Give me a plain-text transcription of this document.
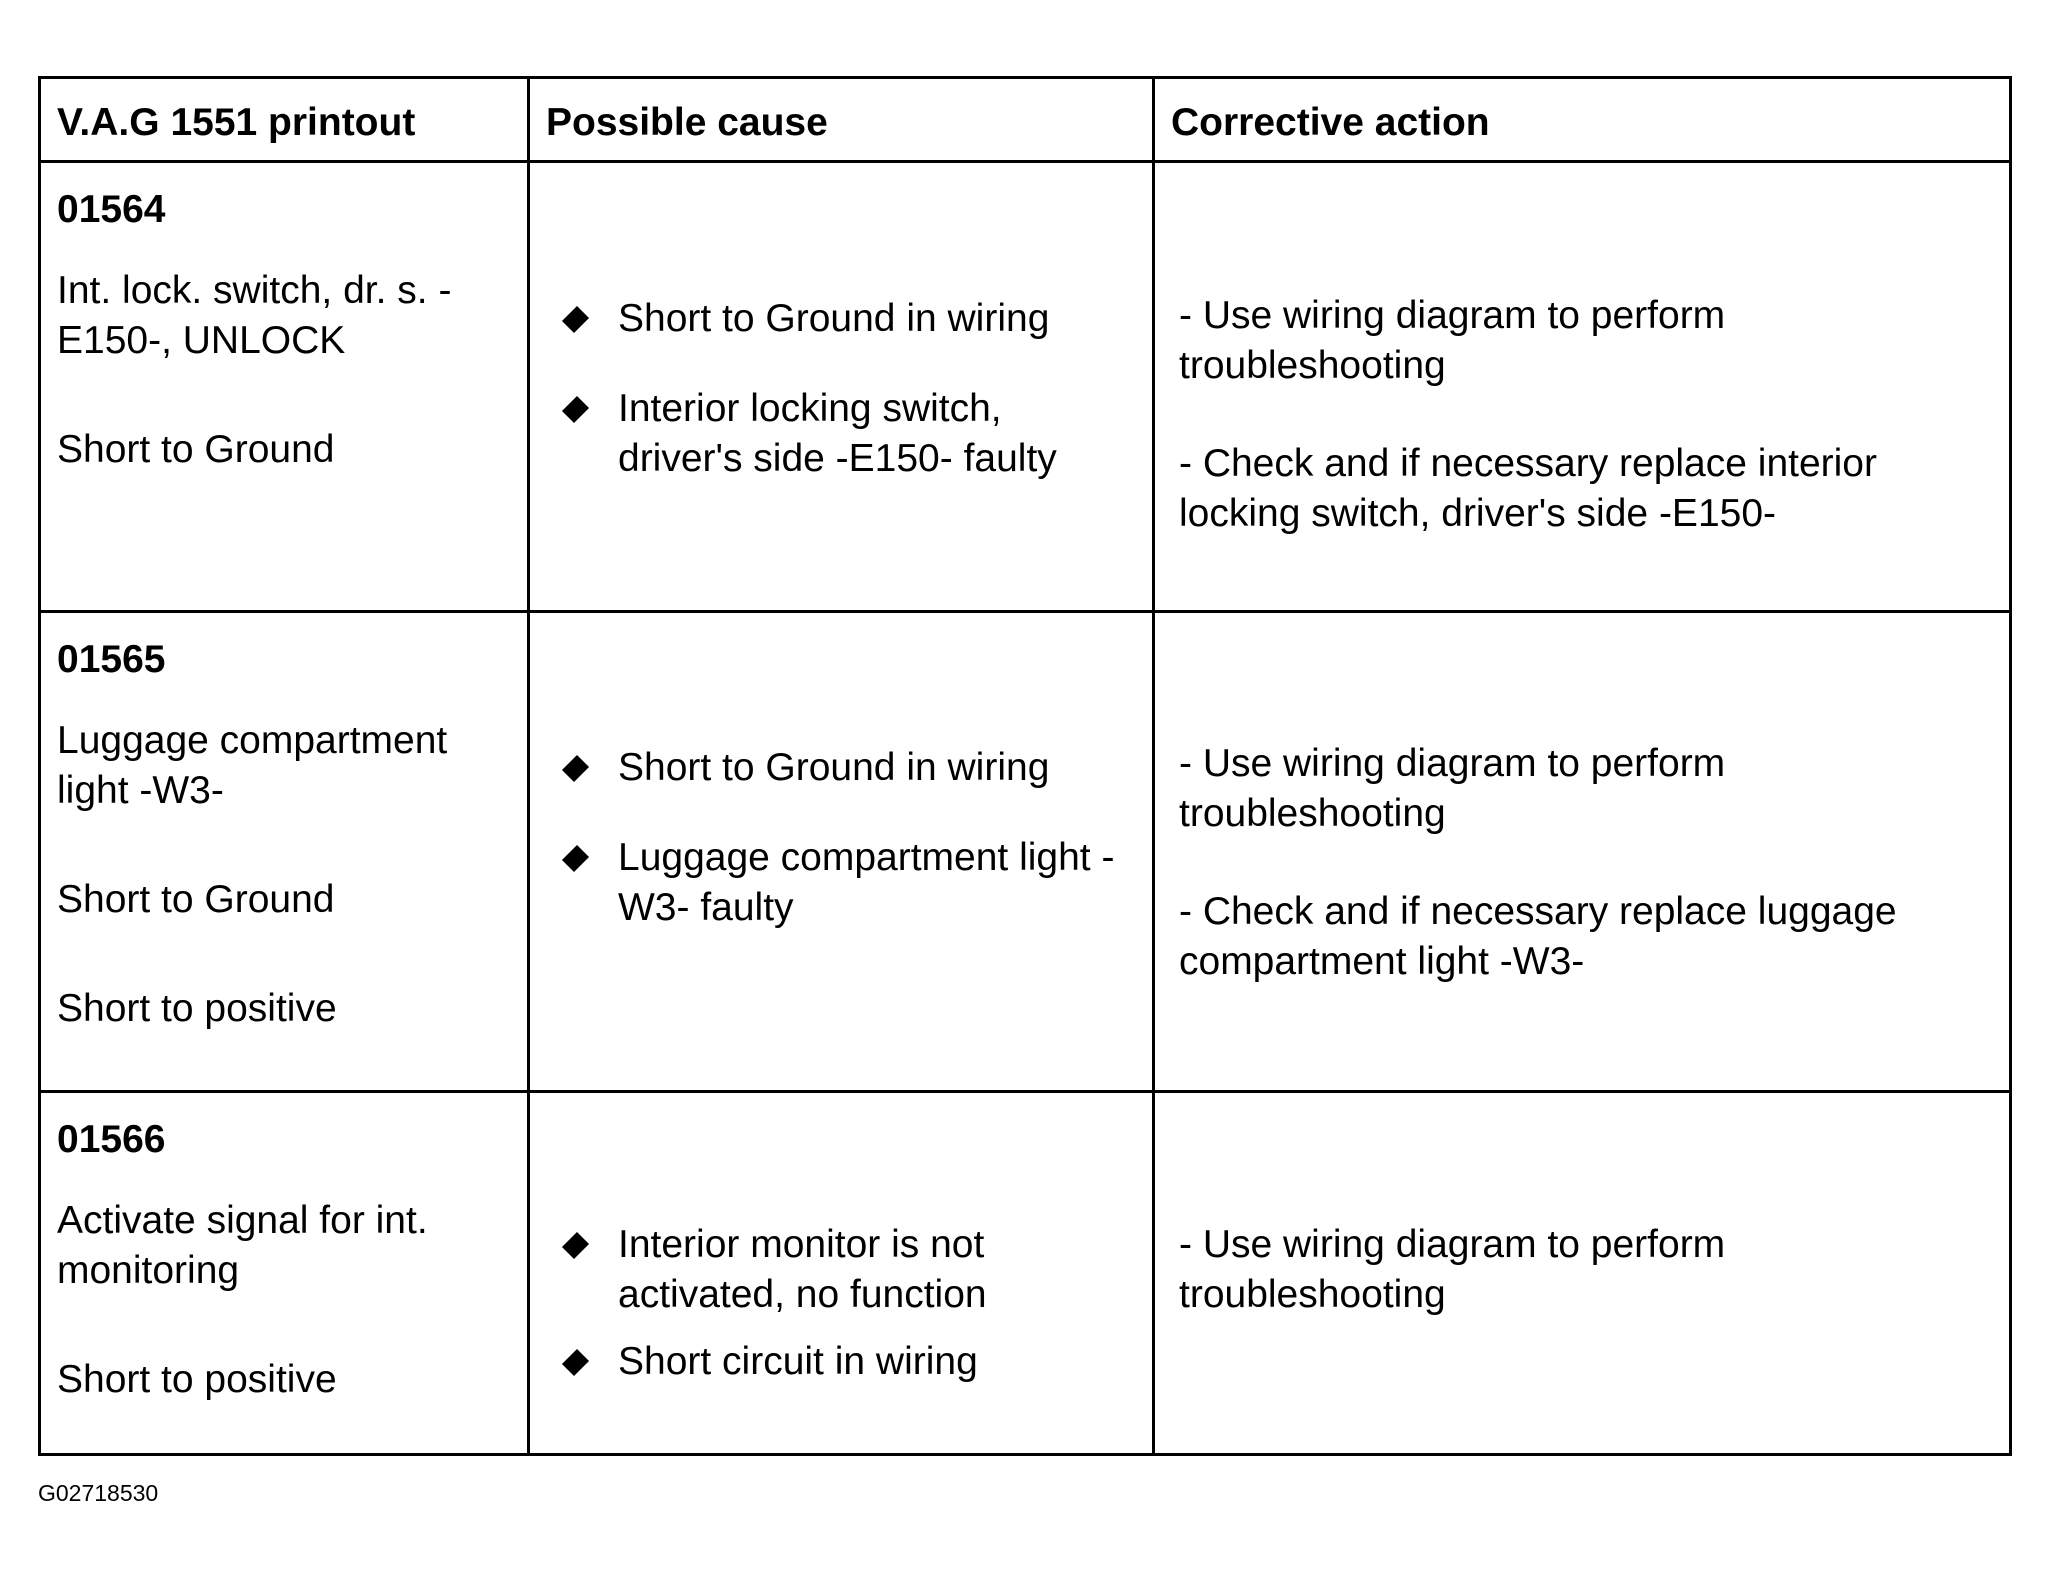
V.A.G 1551 printout	Possible cause	Corrective action
01564
Int. lock. switch, dr. s. -E150-, UNLOCK
Short to Ground
Short to Ground in wiring
Interior locking switch, driver's side -E150- faulty
- Use wiring diagram to perform troubleshooting
- Check and if necessary replace interior locking switch, driver's side -E150-
01565
Luggage compartment light -W3-
Short to Ground
Short to positive
Short to Ground in wiring
Luggage compartment light -W3- faulty
- Use wiring diagram to perform troubleshooting
- Check and if necessary replace luggage compartment light -W3-
01566
Activate signal for int. monitoring
Short to positive
Interior monitor is not activated, no function
Short circuit in wiring
- Use wiring diagram to perform troubleshooting
G02718530
